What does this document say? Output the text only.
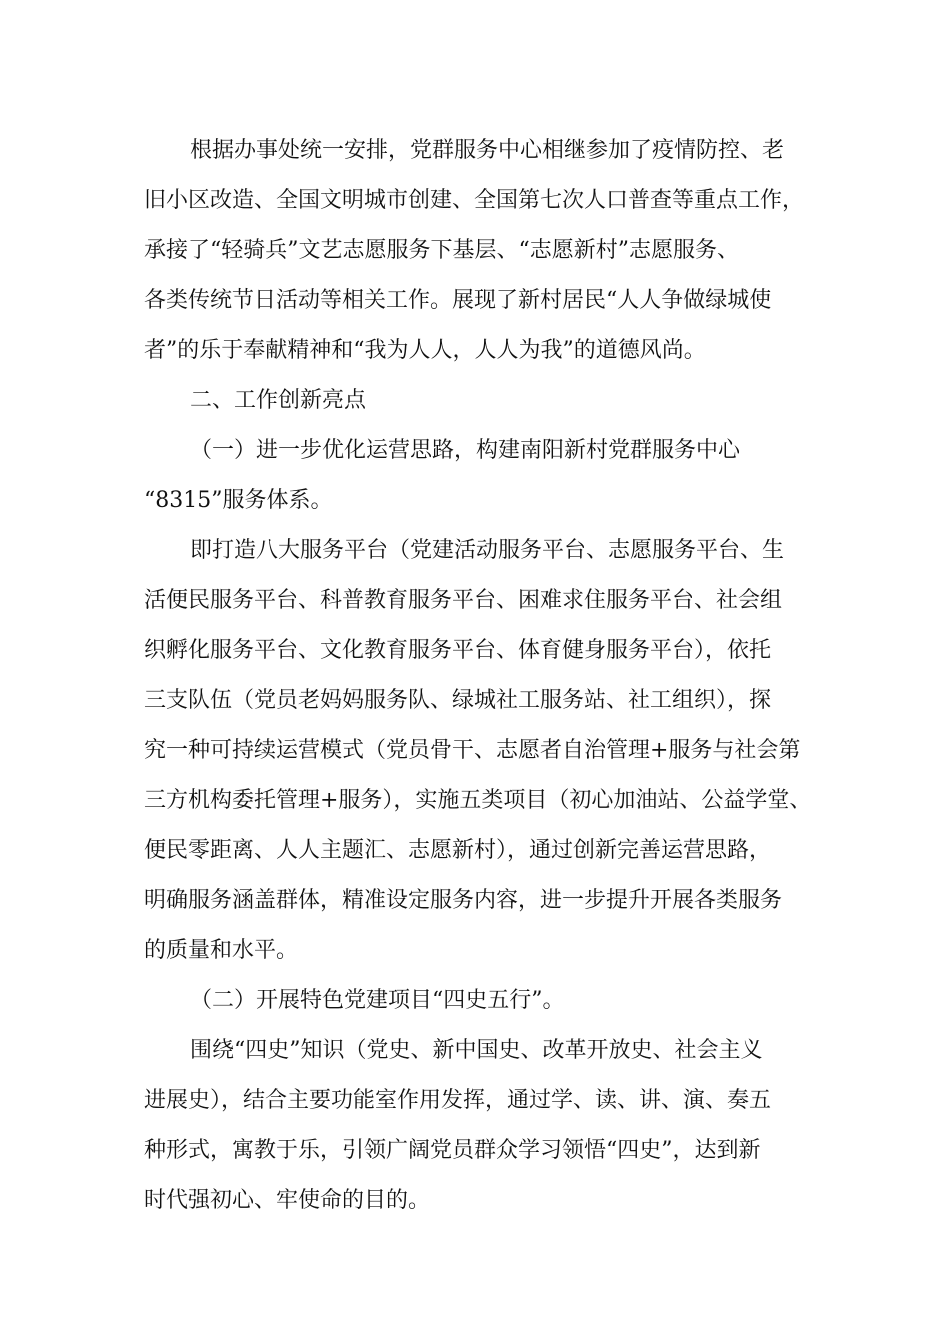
根据办事处统一安排，党群服务中心相继参加了疫情防控、老
旧小区改造、全国文明城市创建、全国第七次人口普查等重点工作，
承接了“轻骑兵”文艺志愿服务下基层、“志愿新村”志愿服务、
各类传统节日活动等相关工作。展现了新村居民“人人争做绿城使
者”的乐于奉献精神和“我为人人，人人为我”的道德风尚。
二、工作创新亮点
（一）进一步优化运营思路，构建南阳新村党群服务中心
“8315”服务体系。
即打造八大服务平台（党建活动服务平台、志愿服务平台、生
活便民服务平台、科普教育服务平台、困难求住服务平台、社会组
织孵化服务平台、文化教育服务平台、体育健身服务平台），依托
三支队伍（党员老妈妈服务队、绿城社工服务站、社工组织），探
究一种可持续运营模式（党员骨干、志愿者自治管理+服务与社会第
三方机构委托管理+服务），实施五类项目（初心加油站、公益学堂、
便民零距离、人人主题汇、志愿新村），通过创新完善运营思路，
明确服务涵盖群体，精准设定服务内容，进一步提升开展各类服务
的质量和水平。
（二）开展特色党建项目“四史五行”。
围绕“四史”知识（党史、新中国史、改革开放史、社会主义
进展史），结合主要功能室作用发挥，通过学、读、讲、演、奏五
种形式，寓教于乐，引领广阔党员群众学习领悟“四史”，达到新
时代强初心、牢使命的目的。
